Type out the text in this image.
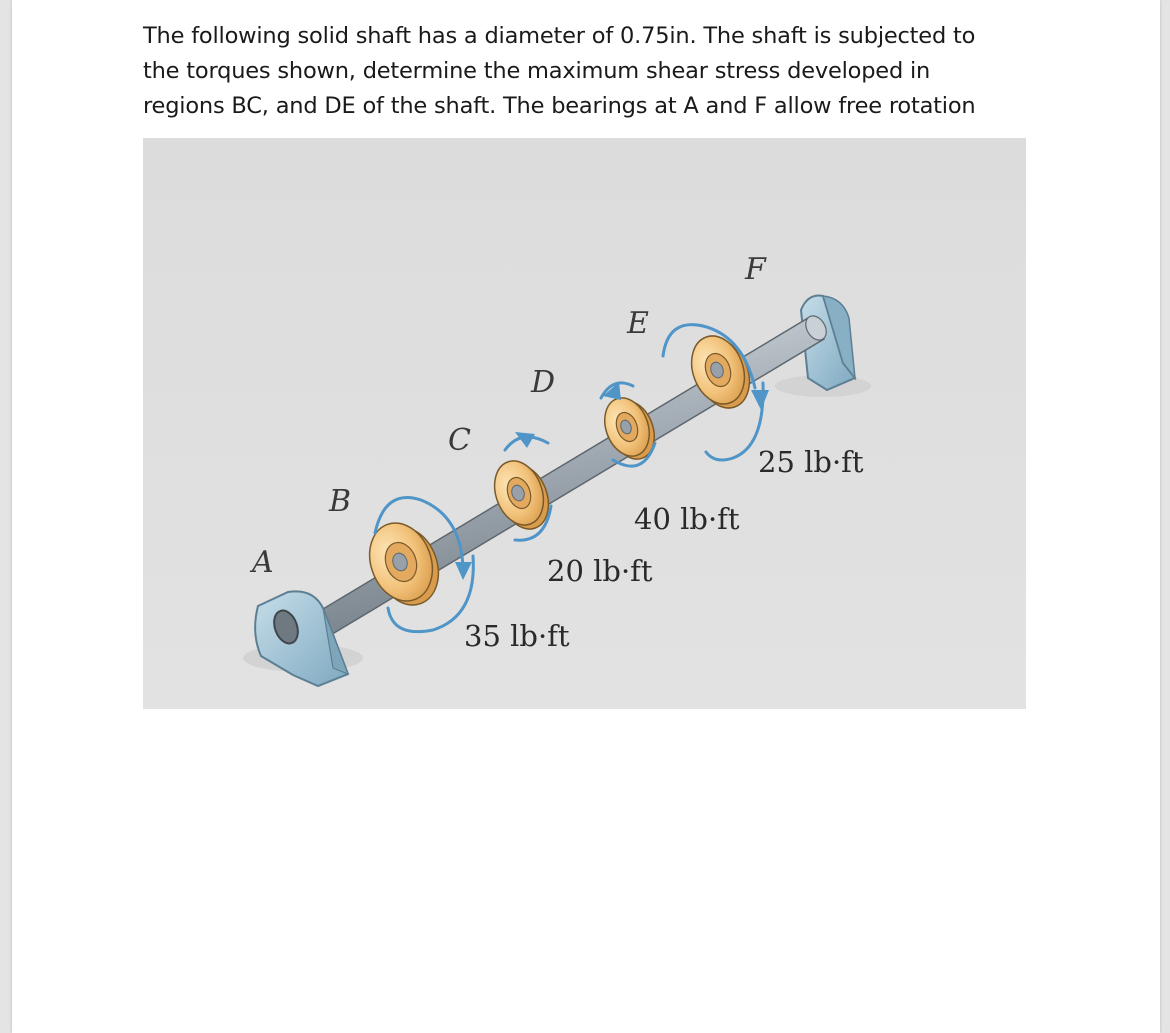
The following solid shaft has a diameter of 0.75in. The shaft is subjected to
the torques shown, determine the maximum shear stress developed in
regions BC, and DE of the shaft. The bearings at A and F allow free rotation

A
B
C
D
E
F
35 lb·ft
20 lb·ft
40 lb·ft
25 lb·ft
